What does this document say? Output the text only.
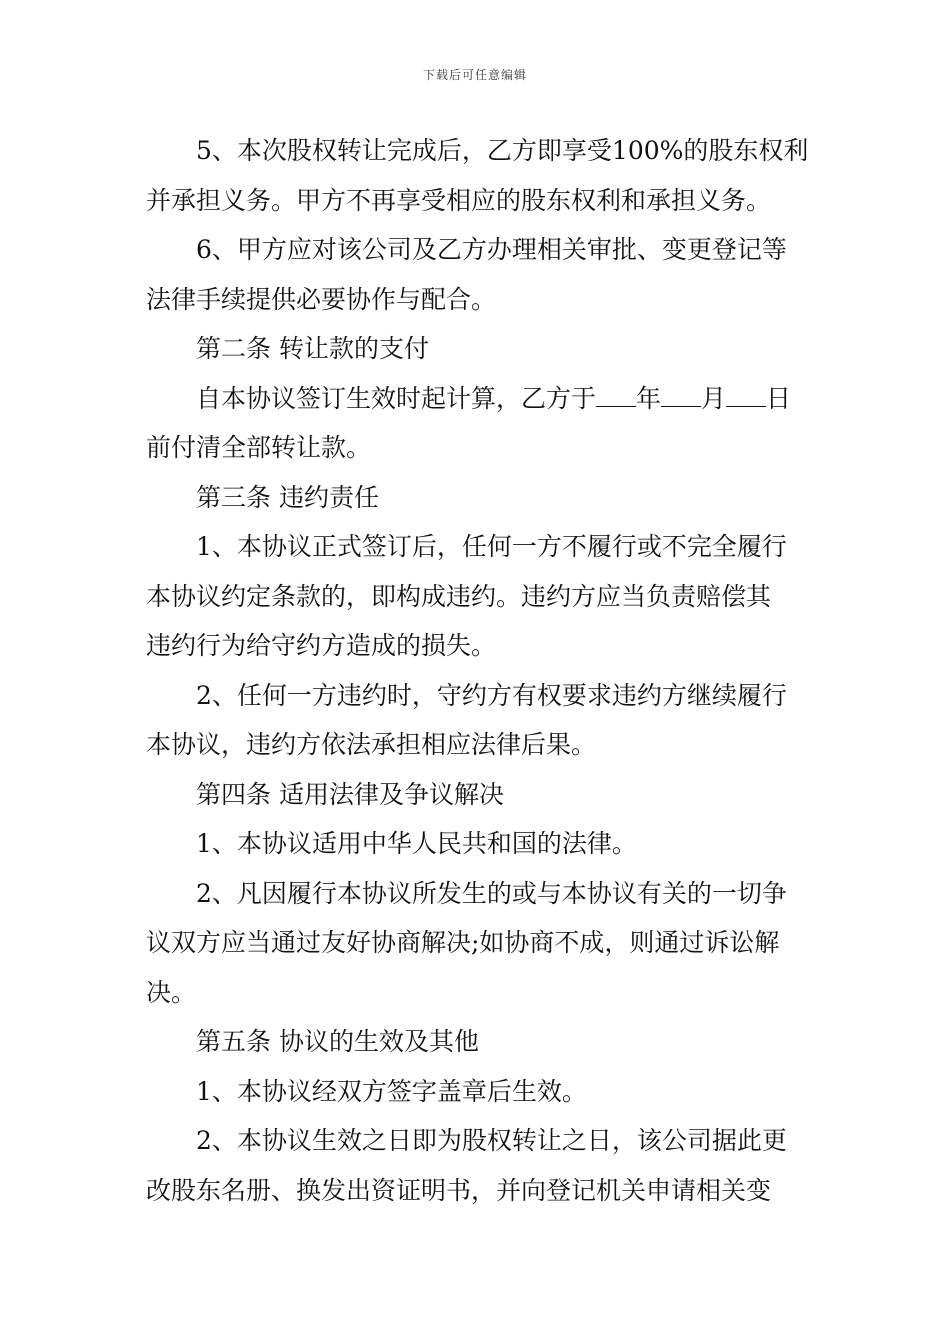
下载后可任意编辑
5、本次股权转让完成后，乙方即享受100%的股东权利
并承担义务。甲方不再享受相应的股东权利和承担义务。
6、甲方应对该公司及乙方办理相关审批、变更登记等
法律手续提供必要协作与配合。
第二条 转让款的支付
自本协议签订生效时起计算，乙方于 年 月 日
前付清全部转让款。
第三条 违约责任
1、本协议正式签订后，任何一方不履行或不完全履行
本协议约定条款的，即构成违约。违约方应当负责赔偿其
违约行为给守约方造成的损失。
2、任何一方违约时，守约方有权要求违约方继续履行
本协议，违约方依法承担相应法律后果。
第四条 适用法律及争议解决
1、本协议适用中华人民共和国的法律。
2、凡因履行本协议所发生的或与本协议有关的一切争
议双方应当通过友好协商解决;如协商不成，则通过诉讼解
决。
第五条 协议的生效及其他
1、本协议经双方签字盖章后生效。
2、本协议生效之日即为股权转让之日，该公司据此更
改股东名册、换发出资证明书，并向登记机关申请相关变
